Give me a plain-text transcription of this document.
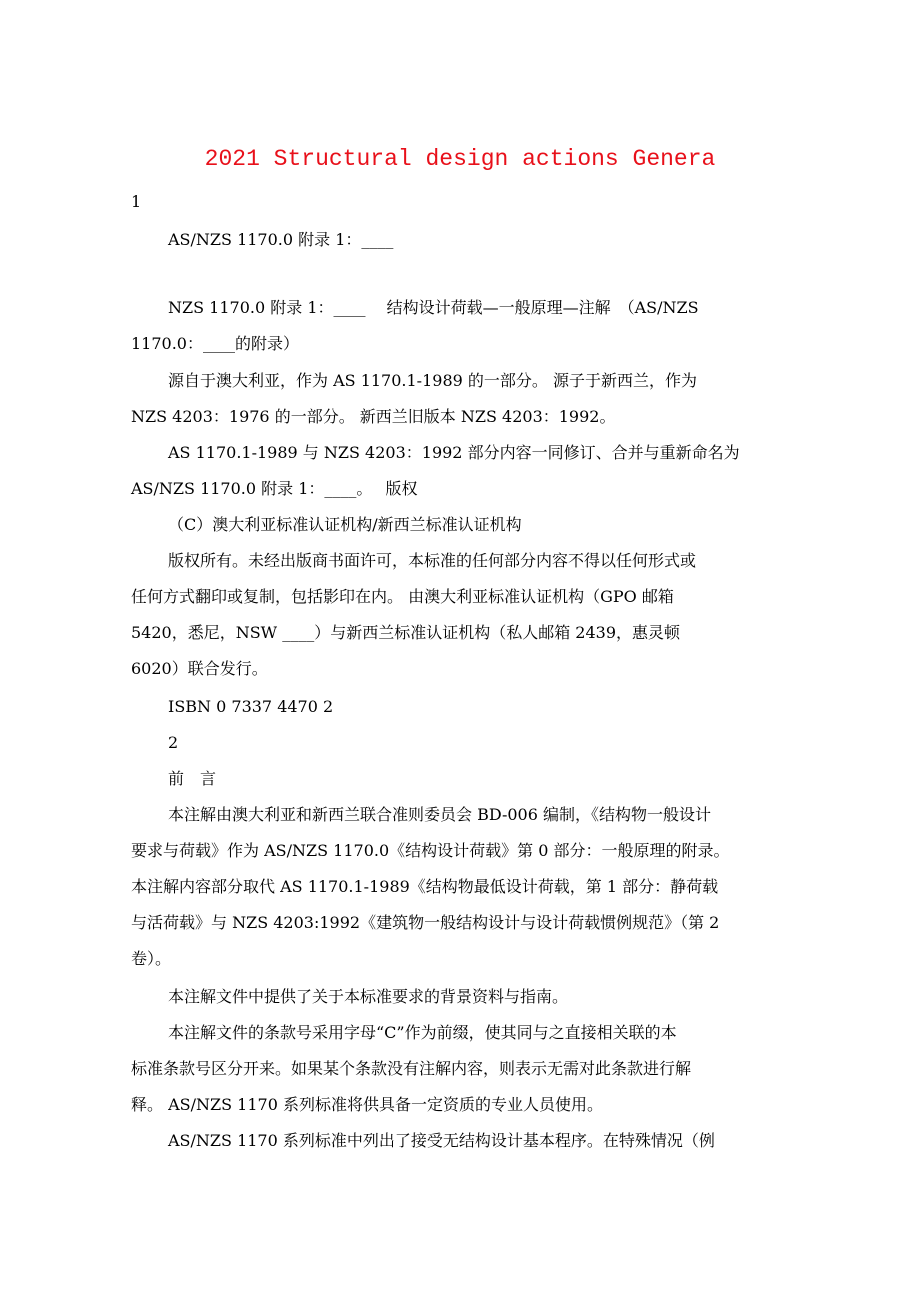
2021 Structural design actions Genera
1
AS/NZS 1170.0 附录 1：____
NZS 1170.0 附录 1：____　 结构设计荷载—一般原理—注解　（AS/NZS
1170.0：____的附录）
源自于澳大利亚，作为 AS 1170.1-1989 的一部分。 源子于新西兰，作为
NZS 4203：1976 的一部分。 新西兰旧版本 NZS 4203：1992。
AS 1170.1-1989 与 NZS 4203：1992 部分内容一同修订、合并与重新命名为
AS/NZS 1170.0 附录 1：____。　 版权
（C）澳大利亚标准认证机构/新西兰标准认证机构
版权所有。未经出版商书面许可，本标准的任何部分内容不得以任何形式或
任何方式翻印或复制，包括影印在内。 由澳大利亚标准认证机构（GPO 邮箱
5420，悉尼，NSW ____）与新西兰标准认证机构（私人邮箱 2439，惠灵顿
6020）联合发行。
ISBN 0 7337 4470 2
2
前　言
本注解由澳大利亚和新西兰联合准则委员会 BD-006 编制，《结构物一般设计
要求与荷载》作为 AS/NZS 1170.0《结构设计荷载》第 0 部分：一般原理的附录。
本注解内容部分取代 AS 1170.1-1989《结构物最低设计荷载，第 1 部分：静荷载
与活荷载》与 NZS 4203:1992《建筑物一般结构设计与设计荷载惯例规范》（第 2
卷）。
本注解文件中提供了关于本标准要求的背景资料与指南。
本注解文件的条款号采用字母“C”作为前缀，使其同与之直接相关联的本
标准条款号区分开来。如果某个条款没有注解内容，则表示无需对此条款进行解
释。 AS/NZS 1170 系列标准将供具备一定资质的专业人员使用。
AS/NZS 1170 系列标准中列出了接受无结构设计基本程序。在特殊情况（例
